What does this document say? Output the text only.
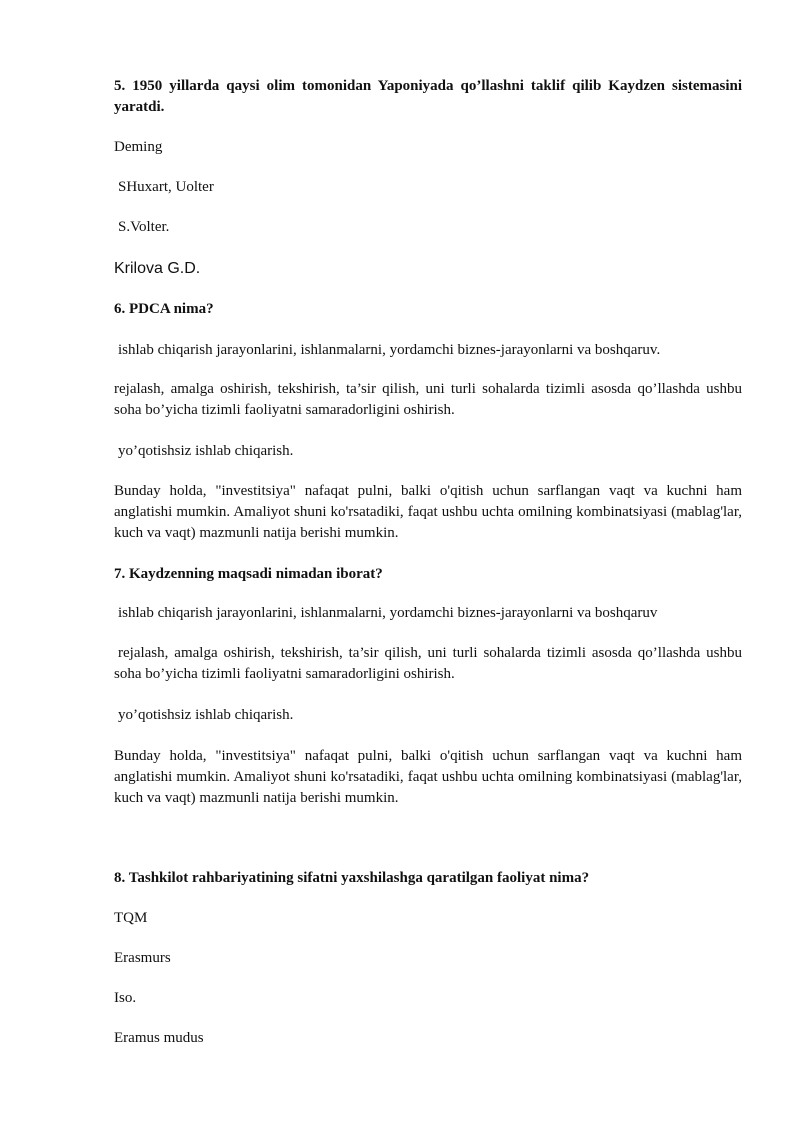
5. 1950 yillarda qaysi olim tomonidan Yaponiyada qo’llashni taklif qilib Kaydzen sistemasini yaratdi.

Deming

SHuxart, Uolter

S.Volter.

Krilova G.D.

6. PDCA nima?

ishlab chiqarish jarayonlarini, ishlanmalarni, yordamchi biznes-jarayonlarni va boshqaruv.

rejalash, amalga oshirish, tekshirish, ta’sir qilish, uni turli sohalarda tizimli asosda qo’llashda ushbu soha bo’yicha tizimli faoliyatni samaradorligini oshirish.

yo’qotishsiz ishlab chiqarish.

Bunday holda, "investitsiya" nafaqat pulni, balki o'qitish uchun sarflangan vaqt va kuchni ham anglatishi mumkin. Amaliyot shuni ko'rsatadiki, faqat ushbu uchta omilning kombinatsiyasi (mablag'lar, kuch va vaqt) mazmunli natija berishi mumkin.

7. Kaydzenning maqsadi nimadan iborat?

ishlab chiqarish jarayonlarini, ishlanmalarni, yordamchi biznes-jarayonlarni va boshqaruv

rejalash, amalga oshirish, tekshirish, ta’sir qilish, uni turli sohalarda tizimli asosda qo’llashda ushbu soha bo’yicha tizimli faoliyatni samaradorligini oshirish.

yo’qotishsiz ishlab chiqarish.

Bunday holda, "investitsiya" nafaqat pulni, balki o'qitish uchun sarflangan vaqt va kuchni ham anglatishi mumkin. Amaliyot shuni ko'rsatadiki, faqat ushbu uchta omilning kombinatsiyasi (mablag'lar, kuch va vaqt) mazmunli natija berishi mumkin.

8. Tashkilot rahbariyatining sifatni yaxshilashga qaratilgan faoliyat nima?

TQM

Erasmurs

Iso.

Eramus mudus
